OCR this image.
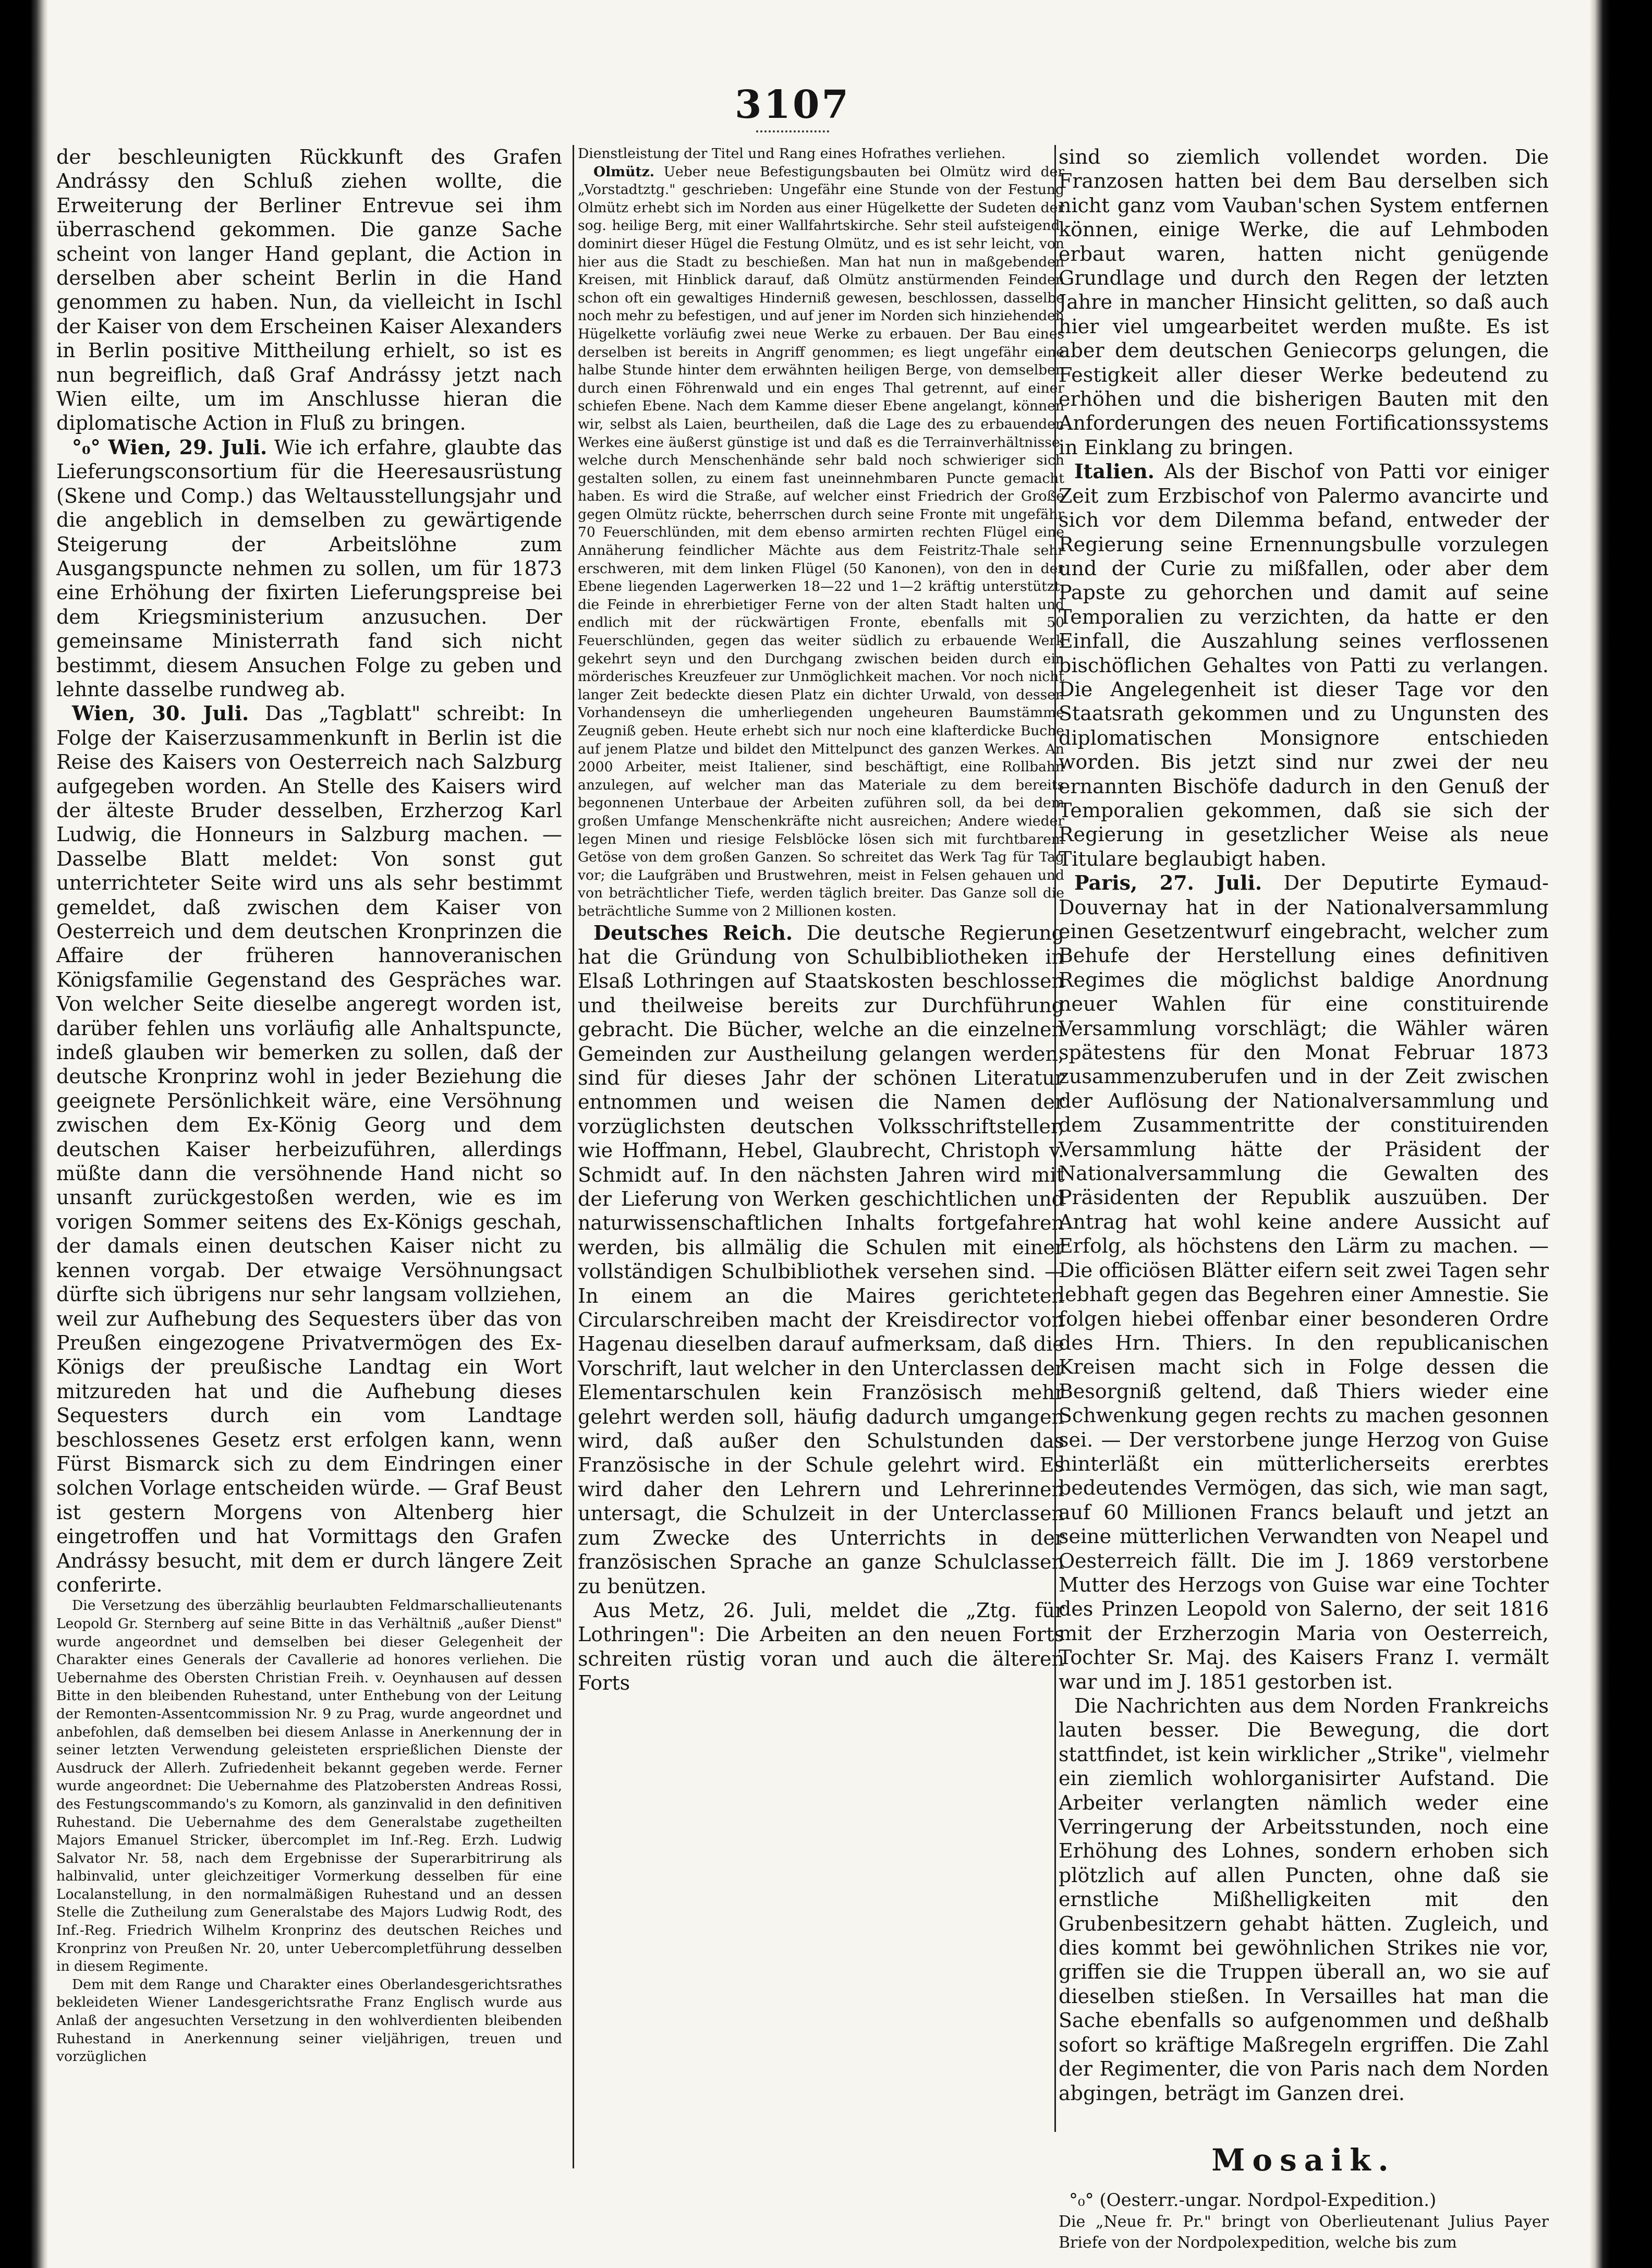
3107

der beschleunigten Rückkunft des Grafen Andrássy den Schluß ziehen wollte, die Erweiterung der Berliner Entrevue sei ihm überraschend gekommen. Die ganze Sache scheint von langer Hand geplant, die Action in derselben aber scheint Berlin in die Hand genommen zu haben. Nun, da vielleicht in Ischl der Kaiser von dem Erscheinen Kaiser Alexanders in Berlin positive Mittheilung erhielt, so ist es nun begreiflich, daß Graf Andrássy jetzt nach Wien eilte, um im Anschlusse hieran die diplomatische Action in Fluß zu bringen.

°₀° Wien, 29. Juli. Wie ich erfahre, glaubte das Lieferungsconsortium für die Heeresausrüstung (Skene und Comp.) das Weltausstellungsjahr und die angeblich in demselben zu gewärtigende Steigerung der Arbeitslöhne zum Ausgangspuncte nehmen zu sollen, um für 1873 eine Erhöhung der fixirten Lieferungspreise bei dem Kriegsministerium anzusuchen. Der gemeinsame Ministerrath fand sich nicht bestimmt, diesem Ansuchen Folge zu geben und lehnte dasselbe rundweg ab.

Wien, 30. Juli. Das „Tagblatt" schreibt: In Folge der Kaiserzusammenkunft in Berlin ist die Reise des Kaisers von Oesterreich nach Salzburg aufgegeben worden. An Stelle des Kaisers wird der älteste Bruder desselben, Erzherzog Karl Ludwig, die Honneurs in Salzburg machen. — Dasselbe Blatt meldet: Von sonst gut unterrichteter Seite wird uns als sehr bestimmt gemeldet, daß zwischen dem Kaiser von Oesterreich und dem deutschen Kronprinzen die Affaire der früheren hannoveranischen Königsfamilie Gegenstand des Gespräches war. Von welcher Seite dieselbe angeregt worden ist, darüber fehlen uns vorläufig alle Anhaltspuncte, indeß glauben wir bemerken zu sollen, daß der deutsche Kronprinz wohl in jeder Beziehung die geeignete Persönlichkeit wäre, eine Versöhnung zwischen dem Ex-König Georg und dem deutschen Kaiser herbeizuführen, allerdings müßte dann die versöhnende Hand nicht so unsanft zurückgestoßen werden, wie es im vorigen Sommer seitens des Ex-Königs geschah, der damals einen deutschen Kaiser nicht zu kennen vorgab. Der etwaige Versöhnungsact dürfte sich übrigens nur sehr langsam vollziehen, weil zur Aufhebung des Sequesters über das von Preußen eingezogene Privatvermögen des Ex-Königs der preußische Landtag ein Wort mitzureden hat und die Aufhebung dieses Sequesters durch ein vom Landtage beschlossenes Gesetz erst erfolgen kann, wenn Fürst Bismarck sich zu dem Eindringen einer solchen Vorlage entscheiden würde. — Graf Beust ist gestern Morgens von Altenberg hier eingetroffen und hat Vormittags den Grafen Andrássy besucht, mit dem er durch längere Zeit conferirte.

Die Versetzung des überzählig beurlaubten Feldmarschallieutenants Leopold Gr. Sternberg auf seine Bitte in das Verhältniß „außer Dienst" wurde angeordnet und demselben bei dieser Gelegenheit der Charakter eines Generals der Cavallerie ad honores verliehen. Die Uebernahme des Obersten Christian Freih. v. Oeynhausen auf dessen Bitte in den bleibenden Ruhestand, unter Enthebung von der Leitung der Remonten-Assentcommission Nr. 9 zu Prag, wurde angeordnet und anbefohlen, daß demselben bei diesem Anlasse in Anerkennung der in seiner letzten Verwendung geleisteten ersprießlichen Dienste der Ausdruck der Allerh. Zufriedenheit bekannt gegeben werde. Ferner wurde angeordnet: Die Uebernahme des Platzobersten Andreas Rossi, des Festungscommando's zu Komorn, als ganzinvalid in den definitiven Ruhestand. Die Uebernahme des dem Generalstabe zugetheilten Majors Emanuel Stricker, übercomplet im Inf.-Reg. Erzh. Ludwig Salvator Nr. 58, nach dem Ergebnisse der Superarbitrirung als halbinvalid, unter gleichzeitiger Vormerkung desselben für eine Localanstellung, in den normalmäßigen Ruhestand und an dessen Stelle die Zutheilung zum Generalstabe des Majors Ludwig Rodt, des Inf.-Reg. Friedrich Wilhelm Kronprinz des deutschen Reiches und Kronprinz von Preußen Nr. 20, unter Uebercompletführung desselben in diesem Regimente.

Dem mit dem Range und Charakter eines Oberlandesgerichtsrathes bekleideten Wiener Landesgerichtsrathe Franz Englisch wurde aus Anlaß der angesuchten Versetzung in den wohlverdienten bleibenden Ruhestand in Anerkennung seiner vieljährigen, treuen und vorzüglichen

Dienstleistung der Titel und Rang eines Hofrathes verliehen.

Olmütz. Ueber neue Befestigungsbauten bei Olmütz wird der „Vorstadtztg." geschrieben: Ungefähr eine Stunde von der Festung Olmütz erhebt sich im Norden aus einer Hügelkette der Sudeten der sog. heilige Berg, mit einer Wallfahrtskirche. Sehr steil aufsteigend, dominirt dieser Hügel die Festung Olmütz, und es ist sehr leicht, von hier aus die Stadt zu beschießen. Man hat nun in maßgebenden Kreisen, mit Hinblick darauf, daß Olmütz anstürmenden Feinden schon oft ein gewaltiges Hinderniß gewesen, beschlossen, dasselbe noch mehr zu befestigen, und auf jener im Norden sich hinziehenden Hügelkette vorläufig zwei neue Werke zu erbauen. Der Bau eines derselben ist bereits in Angriff genommen; es liegt ungefähr eine halbe Stunde hinter dem erwähnten heiligen Berge, von demselben durch einen Föhrenwald und ein enges Thal getrennt, auf einer schiefen Ebene. Nach dem Kamme dieser Ebene angelangt, können wir, selbst als Laien, beurtheilen, daß die Lage des zu erbauenden Werkes eine äußerst günstige ist und daß es die Terrainverhältnisse, welche durch Menschenhände sehr bald noch schwieriger sich gestalten sollen, zu einem fast uneinnehmbaren Puncte gemacht haben. Es wird die Straße, auf welcher einst Friedrich der Große gegen Olmütz rückte, beherrschen durch seine Fronte mit ungefähr 70 Feuerschlünden, mit dem ebenso armirten rechten Flügel eine Annäherung feindlicher Mächte aus dem Feistritz-Thale sehr erschweren, mit dem linken Flügel (50 Kanonen), von den in der Ebene liegenden Lagerwerken 18—22 und 1—2 kräftig unterstützt, die Feinde in ehrerbietiger Ferne von der alten Stadt halten und endlich mit der rückwärtigen Fronte, ebenfalls mit 50 Feuerschlünden, gegen das weiter südlich zu erbauende Werk gekehrt seyn und den Durchgang zwischen beiden durch ein mörderisches Kreuzfeuer zur Unmöglichkeit machen. Vor noch nicht langer Zeit bedeckte diesen Platz ein dichter Urwald, von dessen Vorhandenseyn die umherliegenden ungeheuren Baumstämme Zeugniß geben. Heute erhebt sich nur noch eine klafterdicke Buche auf jenem Platze und bildet den Mittelpunct des ganzen Werkes. An 2000 Arbeiter, meist Italiener, sind beschäftigt, eine Rollbahn anzulegen, auf welcher man das Materiale zu dem bereits begonnenen Unterbaue der Arbeiten zuführen soll, da bei dem großen Umfange Menschenkräfte nicht ausreichen; Andere wieder legen Minen und riesige Felsblöcke lösen sich mit furchtbarem Getöse von dem großen Ganzen. So schreitet das Werk Tag für Tag vor; die Laufgräben und Brustwehren, meist in Felsen gehauen und von beträchtlicher Tiefe, werden täglich breiter. Das Ganze soll die beträchtliche Summe von 2 Millionen kosten.

Deutsches Reich. Die deutsche Regierung hat die Gründung von Schulbibliotheken in Elsaß Lothringen auf Staatskosten beschlossen und theilweise bereits zur Durchführung gebracht. Die Bücher, welche an die einzelnen Gemeinden zur Austheilung gelangen werden, sind für dieses Jahr der schönen Literatur entnommen und weisen die Namen der vorzüglichsten deutschen Volksschriftsteller, wie Hoffmann, Hebel, Glaubrecht, Christoph v. Schmidt auf. In den nächsten Jahren wird mit der Lieferung von Werken geschichtlichen und naturwissenschaftlichen Inhalts fortgefahren werden, bis allmälig die Schulen mit einer vollständigen Schulbibliothek versehen sind. — In einem an die Maires gerichteten Circularschreiben macht der Kreisdirector von Hagenau dieselben darauf aufmerksam, daß die Vorschrift, laut welcher in den Unterclassen der Elementarschulen kein Französisch mehr gelehrt werden soll, häufig dadurch umgangen wird, daß außer den Schulstunden das Französische in der Schule gelehrt wird. Es wird daher den Lehrern und Lehrerinnen untersagt, die Schulzeit in der Unterclassen zum Zwecke des Unterrichts in der französischen Sprache an ganze Schulclassen zu benützen.

Aus Metz, 26. Juli, meldet die „Ztg. für Lothringen": Die Arbeiten an den neuen Forts schreiten rüstig voran und auch die älteren Forts

sind so ziemlich vollendet worden. Die Franzosen hatten bei dem Bau derselben sich nicht ganz vom Vauban'schen System entfernen können, einige Werke, die auf Lehmboden erbaut waren, hatten nicht genügende Grundlage und durch den Regen der letzten Jahre in mancher Hinsicht gelitten, so daß auch hier viel umgearbeitet werden mußte. Es ist aber dem deutschen Geniecorps gelungen, die Festigkeit aller dieser Werke bedeutend zu erhöhen und die bisherigen Bauten mit den Anforderungen des neuen Fortificationssystems in Einklang zu bringen.

Italien. Als der Bischof von Patti vor einiger Zeit zum Erzbischof von Palermo avancirte und sich vor dem Dilemma befand, entweder der Regierung seine Ernennungsbulle vorzulegen und der Curie zu mißfallen, oder aber dem Papste zu gehorchen und damit auf seine Temporalien zu verzichten, da hatte er den Einfall, die Auszahlung seines verflossenen bischöflichen Gehaltes von Patti zu verlangen. Die Angelegenheit ist dieser Tage vor den Staatsrath gekommen und zu Ungunsten des diplomatischen Monsignore entschieden worden. Bis jetzt sind nur zwei der neu ernannten Bischöfe dadurch in den Genuß der Temporalien gekommen, daß sie sich der Regierung in gesetzlicher Weise als neue Titulare beglaubigt haben.

Paris, 27. Juli. Der Deputirte Eymaud-Douvernay hat in der Nationalversammlung einen Gesetzentwurf eingebracht, welcher zum Behufe der Herstellung eines definitiven Regimes die möglichst baldige Anordnung neuer Wahlen für eine constituirende Versammlung vorschlägt; die Wähler wären spätestens für den Monat Februar 1873 zusammenzuberufen und in der Zeit zwischen der Auflösung der Nationalversammlung und dem Zusammentritte der constituirenden Versammlung hätte der Präsident der Nationalversammlung die Gewalten des Präsidenten der Republik auszuüben. Der Antrag hat wohl keine andere Aussicht auf Erfolg, als höchstens den Lärm zu machen. — Die officiösen Blätter eifern seit zwei Tagen sehr lebhaft gegen das Begehren einer Amnestie. Sie folgen hiebei offenbar einer besonderen Ordre des Hrn. Thiers. In den republicanischen Kreisen macht sich in Folge dessen die Besorgniß geltend, daß Thiers wieder eine Schwenkung gegen rechts zu machen gesonnen sei. — Der verstorbene junge Herzog von Guise hinterläßt ein mütterlicherseits ererbtes bedeutendes Vermögen, das sich, wie man sagt, auf 60 Millionen Francs belauft und jetzt an seine mütterlichen Verwandten von Neapel und Oesterreich fällt. Die im J. 1869 verstorbene Mutter des Herzogs von Guise war eine Tochter des Prinzen Leopold von Salerno, der seit 1816 mit der Erzherzogin Maria von Oesterreich, Tochter Sr. Maj. des Kaisers Franz I. vermält war und im J. 1851 gestorben ist.

Die Nachrichten aus dem Norden Frankreichs lauten besser. Die Bewegung, die dort stattfindet, ist kein wirklicher „Strike", vielmehr ein ziemlich wohlorganisirter Aufstand. Die Arbeiter verlangten nämlich weder eine Verringerung der Arbeitsstunden, noch eine Erhöhung des Lohnes, sondern erhoben sich plötzlich auf allen Puncten, ohne daß sie ernstliche Mißhelligkeiten mit den Grubenbesitzern gehabt hätten. Zugleich, und dies kommt bei gewöhnlichen Strikes nie vor, griffen sie die Truppen überall an, wo sie auf dieselben stießen. In Versailles hat man die Sache ebenfalls so aufgenommen und deßhalb sofort so kräftige Maßregeln ergriffen. Die Zahl der Regimenter, die von Paris nach dem Norden abgingen, beträgt im Ganzen drei.

Mosaik.

°₀° (Oesterr.-ungar. Nordpol-Expedition.)

Die „Neue fr. Pr." bringt von Oberlieutenant Julius Payer Briefe von der Nordpolexpedition, welche bis zum
